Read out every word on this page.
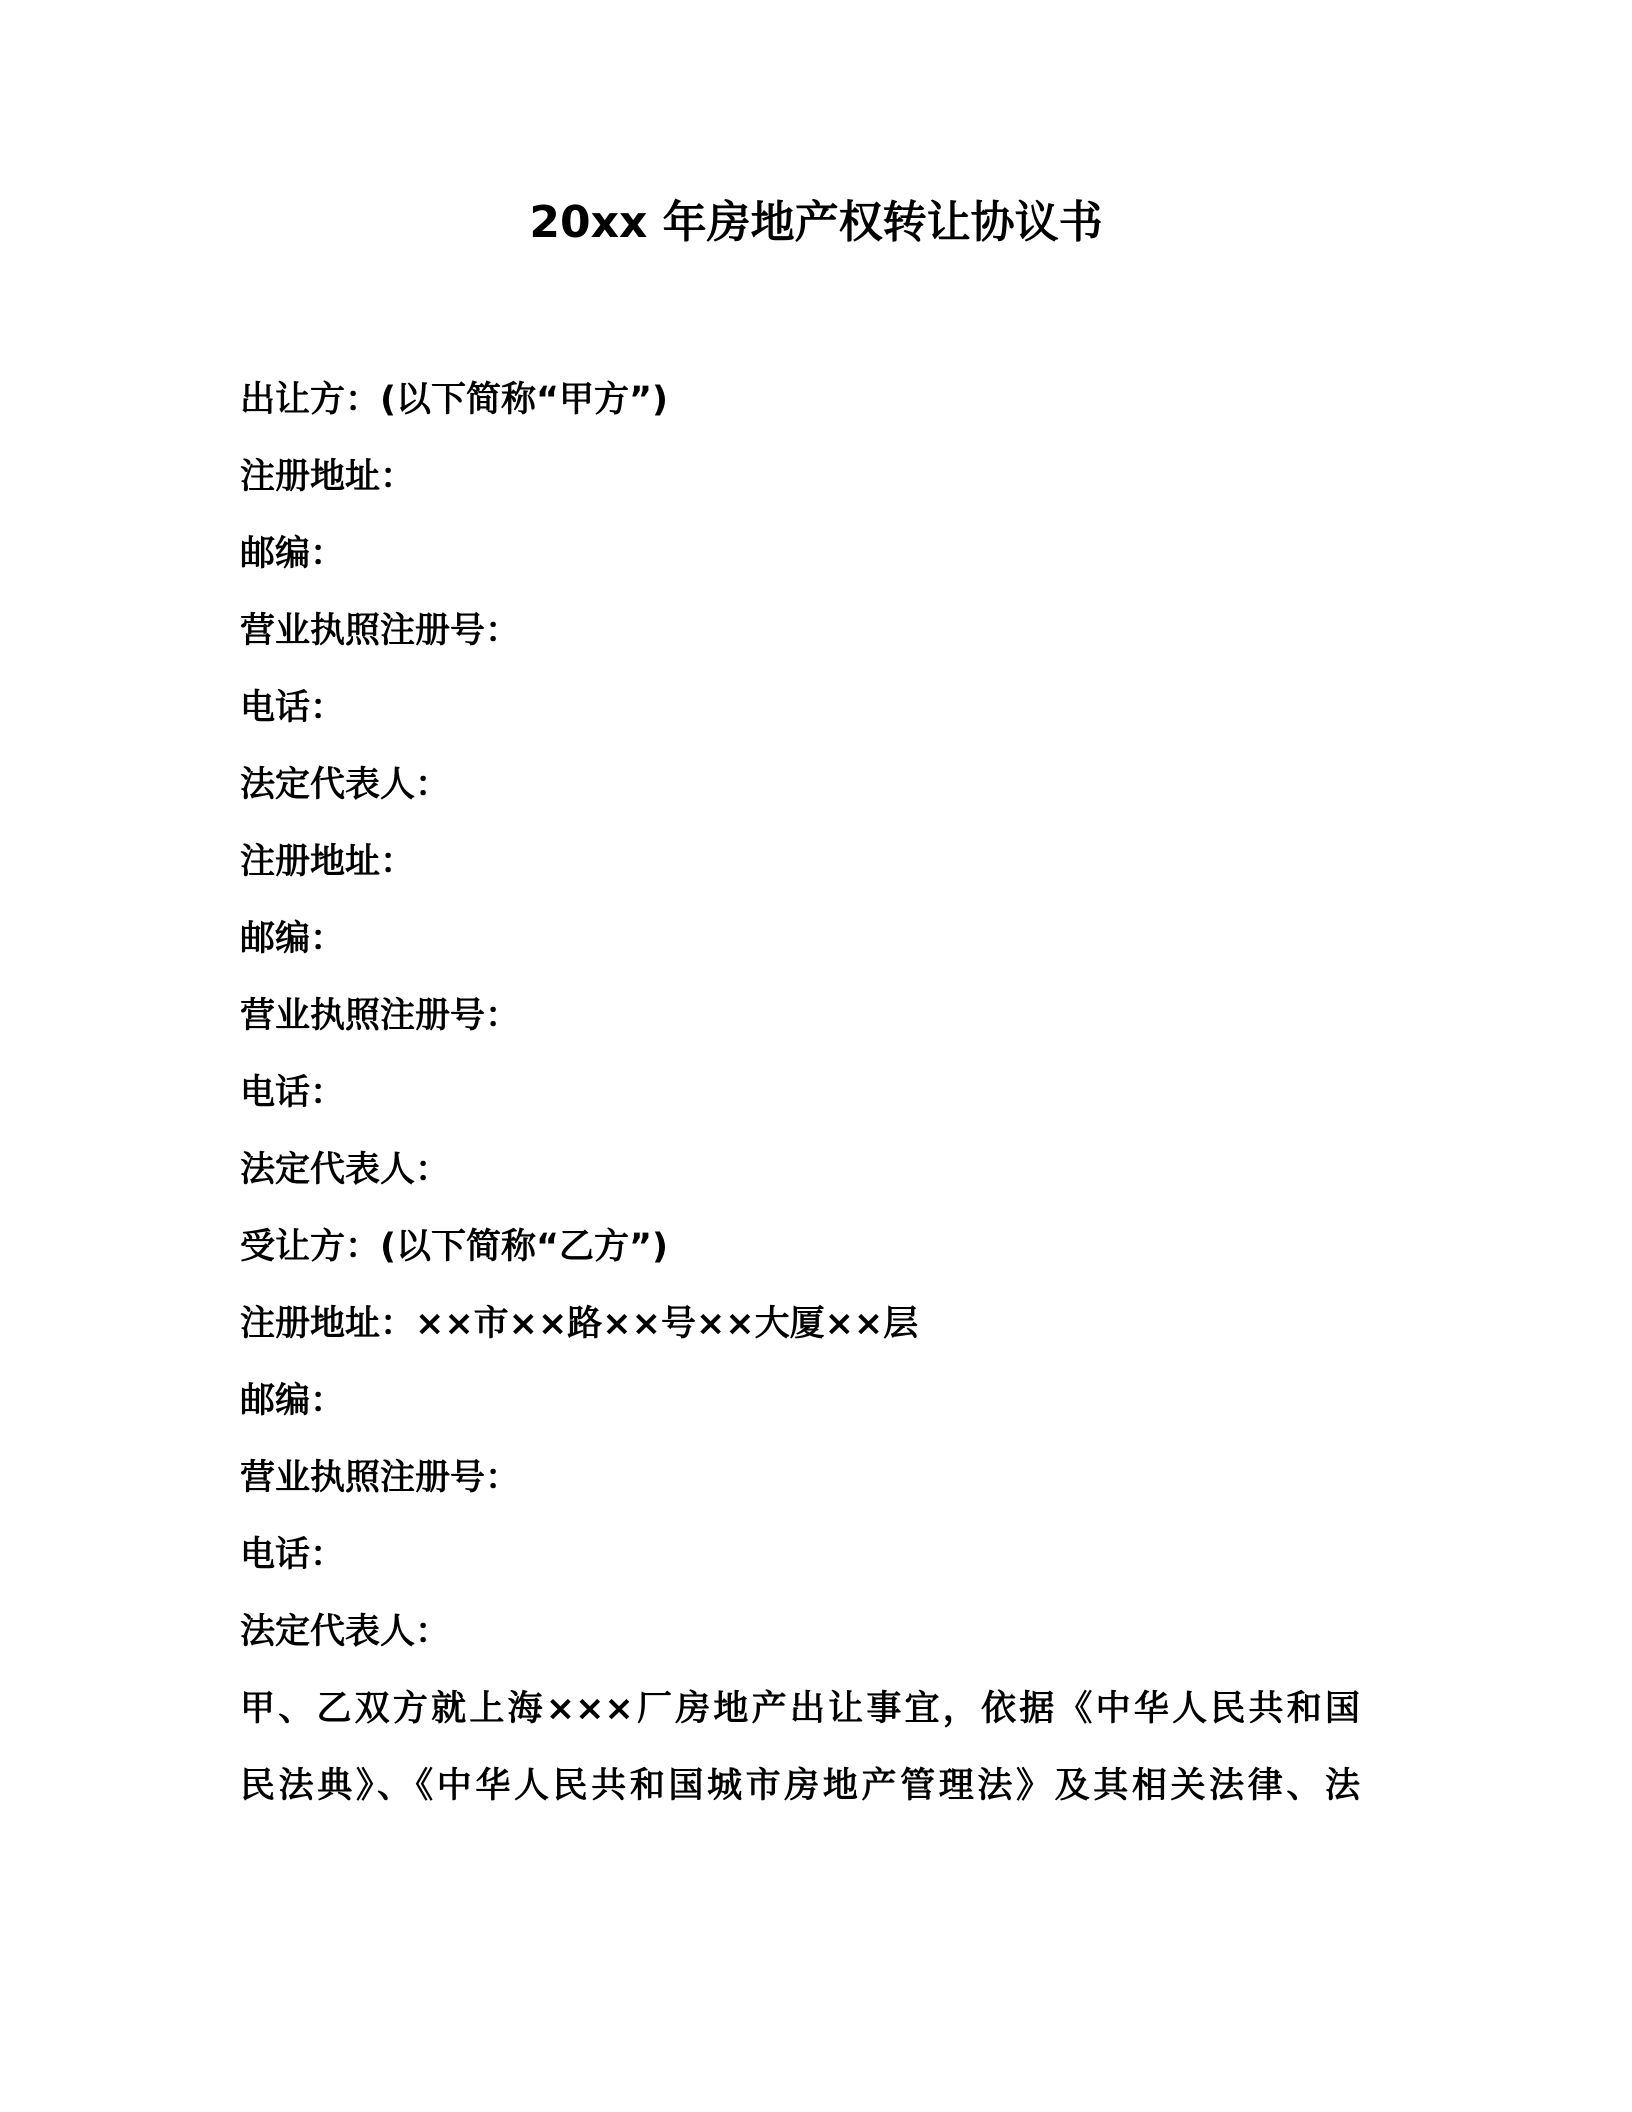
20xx 年房地产权转让协议书

出让方：(以下简称“甲方”)

注册地址：

邮编：

营业执照注册号：

电话：

法定代表人：

注册地址：

邮编：

营业执照注册号：

电话：

法定代表人：

受让方：(以下简称“乙方”)

注册地址：××市××路××号××大厦××层

邮编：

营业执照注册号：

电话：

法定代表人：

甲、乙双方就上海×××厂房地产出让事宜，依据《中华人民共和国

民法典》、《中华人民共和国城市房地产管理法》及其相关法律、法
